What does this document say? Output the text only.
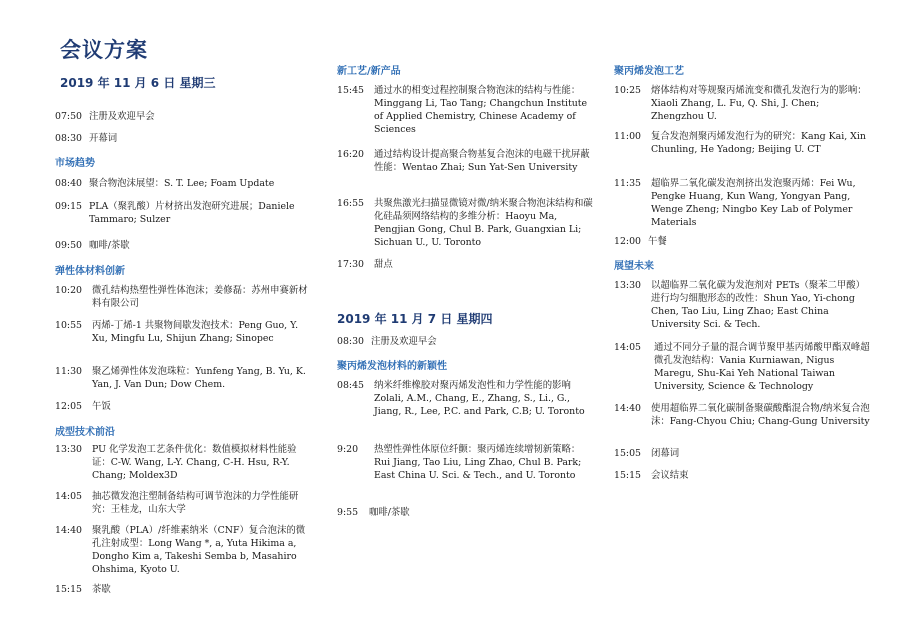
会议方案
2019 年 11 月 6 日 星期三
07:50 注册及欢迎早会
08:30 开幕词
市场趋势
08:40 聚合物泡沫展望：S. T. Lee; Foam Update
09:15 PLA（聚乳酸）片材挤出发泡研究进展；Daniele Tammaro; Sulzer
09:50 咖啡/茶歇
弹性体材料创新
10:20 微孔结构热塑性弹性体泡沫；姜修磊：苏州申赛新材料有限公司
10:55 丙烯-丁烯-1 共聚物间歇发泡技术：Peng Guo, Y. Xu, Mingfu Lu, Shijun Zhang; Sinopec
11:30 聚乙烯弹性体发泡珠粒：Yunfeng Yang, B. Yu, K. Yan, J. Van Dun; Dow Chem.
12:05 午饭
成型技术前沿
13:30 PU 化学发泡工艺条件优化：数值模拟材料性能验证：C-W. Wang, L-Y. Chang, C-H. Hsu, R-Y. Chang; Moldex3D
14:05 抽芯微发泡注塑制备结构可调节泡沫的力学性能研究：王桂龙，山东大学
14:40 聚乳酸（PLA）/纤维素纳米（CNF）复合泡沫的微孔注射成型：Long Wang *, a, Yuta Hikima a, Dongho Kim a, Takeshi Semba b, Masahiro Ohshima, Kyoto U.
15:15 茶歇
新工艺/新产品
15:45 通过水的相变过程控制聚合物泡沫的结构与性能：Minggang Li, Tao Tang; Changchun Institute of Applied Chemistry, Chinese Academy of Sciences
16:20 通过结构设计提高聚合物基复合泡沫的电磁干扰屏蔽性能：Wentao Zhai; Sun Yat-Sen University
16:55 共聚焦激光扫描显微镜对微/纳米聚合物泡沫结构和碳化硅晶须网络结构的多维分析：Haoyu Ma, Pengjian Gong, Chul B. Park, Guangxian Li; Sichuan U., U. Toronto
17:30 甜点
2019 年 11 月 7 日 星期四
08:30 注册及欢迎早会
聚丙烯发泡材料的新颖性
08:45 纳米纤维橡胶对聚丙烯发泡性和力学性能的影响 Zolali, A.M., Chang, E., Zhang, S., Li., G., Jiang, R., Lee, P.C. and Park, C.B; U. Toronto
9:20 热塑性弹性体原位纤颤：聚丙烯连续增韧新策略：Rui Jiang, Tao Liu, Ling Zhao, Chul B. Park; East China U. Sci. & Tech., and U. Toronto
9:55 咖啡/茶歇
聚丙烯发泡工艺
10:25 熔体结构对等规聚丙烯流变和微孔发泡行为的影响：Xiaoli Zhang, L. Fu, Q. Shi, J. Chen; Zhengzhou U.
11:00 复合发泡剂聚丙烯发泡行为的研究：Kang Kai, Xin Chunling, He Yadong; Beijing U. CT
11:35 超临界二氧化碳发泡剂挤出发泡聚丙烯：Fei Wu, Pengke Huang, Kun Wang, Yongyan Pang, Wenge Zheng; Ningbo Key Lab of Polymer Materials
12:00 午餐
展望未来
13:30 以超临界二氧化碳为发泡剂对 PETs（聚苯二甲酸）进行均匀细胞形态的改性：Shun Yao, Yi-chong Chen, Tao Liu, Ling Zhao; East China University Sci. & Tech.
14:05 通过不同分子量的混合调节聚甲基丙烯酸甲酯双峰超微孔发泡结构：Vania Kurniawan, Nigus Maregu, Shu-Kai Yeh National Taiwan University, Science & Technology
14:40 使用超临界二氧化碳制备聚碳酸酯混合物/纳米复合泡沫：Fang-Chyou Chiu; Chang-Gung University
15:05 闭幕词
15:15 会议结束
